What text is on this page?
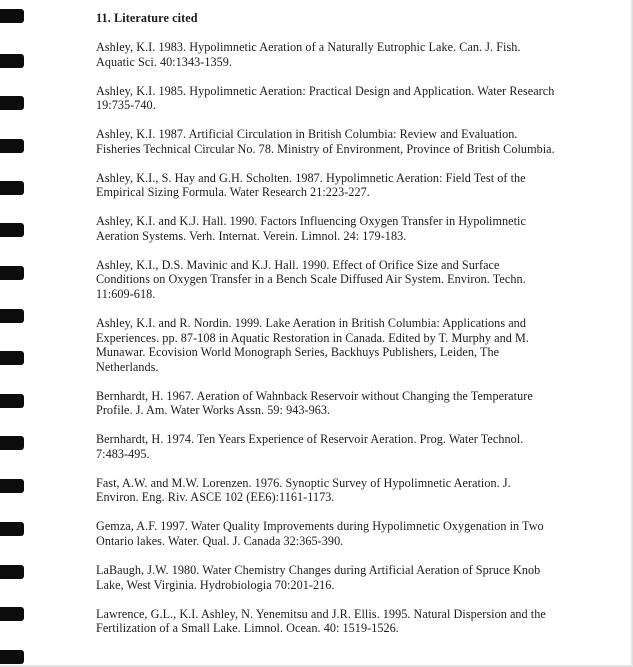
11. Literature cited
Ashley, K.I. 1983. Hypolimnetic Aeration of a Naturally Eutrophic Lake. Can. J. Fish. Aquatic Sci. 40:1343-1359.
Ashley, K.I. 1985. Hypolimnetic Aeration: Practical Design and Application. Water Research 19:735-740.
Ashley, K.I. 1987. Artificial Circulation in British Columbia: Review and Evaluation. Fisheries Technical Circular No. 78. Ministry of Environment, Province of British Columbia.
Ashley, K.I., S. Hay and G.H. Scholten. 1987. Hypolimnetic Aeration: Field Test of the Empirical Sizing Formula. Water Research 21:223-227.
Ashley, K.I. and K.J. Hall. 1990. Factors Influencing Oxygen Transfer in Hypolimnetic Aeration Systems. Verh. Internat. Verein. Limnol. 24: 179-183.
Ashley, K.I., D.S. Mavinic and K.J. Hall. 1990. Effect of Orifice Size and Surface Conditions on Oxygen Transfer in a Bench Scale Diffused Air System. Environ. Techn. 11:609-618.
Ashley, K.I. and R. Nordin. 1999. Lake Aeration in British Columbia: Applications and Experiences. pp. 87-108 in Aquatic Restoration in Canada. Edited by T. Murphy and M. Munawar. Ecovision World Monograph Series, Backhuys Publishers, Leiden, The Netherlands.
Bernhardt, H. 1967. Aeration of Wahnback Reservoir without Changing the Temperature Profile. J. Am. Water Works Assn. 59: 943-963.
Bernhardt, H. 1974. Ten Years Experience of Reservoir Aeration. Prog. Water Technol. 7:483-495.
Fast, A.W. and M.W. Lorenzen. 1976. Synoptic Survey of Hypolimnetic Aeration. J. Environ. Eng. Riv. ASCE 102 (EE6):1161-1173.
Gemza, A.F. 1997. Water Quality Improvements during Hypolimnetic Oxygenation in Two Ontario lakes. Water. Qual. J. Canada 32:365-390.
LaBaugh, J.W. 1980. Water Chemistry Changes during Artificial Aeration of Spruce Knob Lake, West Virginia. Hydrobiologia 70:201-216.
Lawrence, G.L., K.I. Ashley, N. Yenemitsu and J.R. Ellis. 1995. Natural Dispersion and the Fertilization of a Small Lake. Limnol. Ocean. 40: 1519-1526.
